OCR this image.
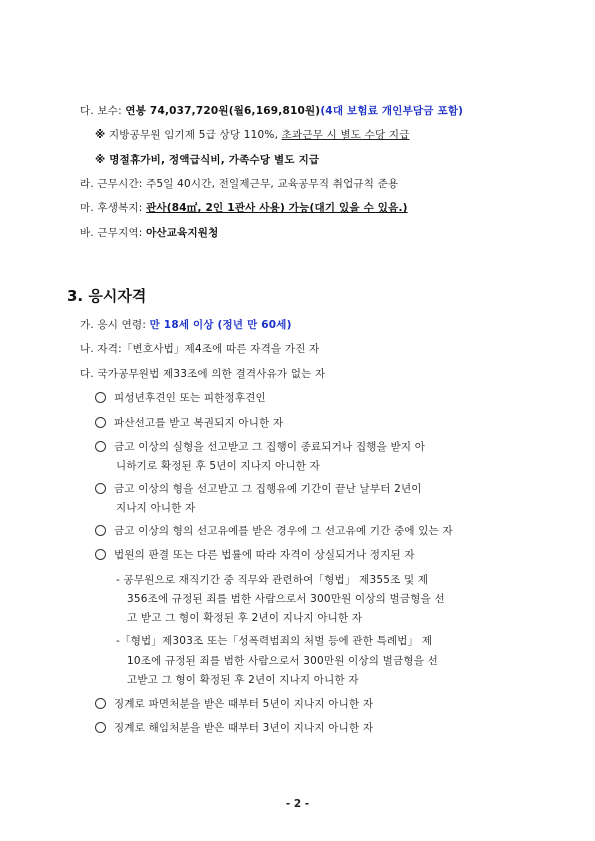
다. 보수: 연봉 74,037,720원(월6,169,810원)(4대 보험료 개인부담금 포함)
※ 지방공무원 임기제 5급 상당 110%, 초과근무 시 별도 수당 지급
※ 명절휴가비, 정액급식비, 가족수당 별도 지급
라. 근무시간: 주5일 40시간, 전일제근무, 교육공무직 취업규칙 준용
마. 후생복지: 관사(84㎡, 2인 1관사 사용) 가능(대기 있을 수 있음.)
바. 근무지역: 아산교육지원청
3. 응시자격
가. 응시 연령: 만 18세 이상 (정년 만 60세)
나. 자격:「변호사법」제4조에 따른 자격을 가진 자
다. 국가공무원법 제33조에 의한 결격사유가 없는 자
피성년후견인 또는 피한정후견인
파산선고를 받고 복권되지 아니한 자
금고 이상의 실형을 선고받고 그 집행이 종료되거나 집행을 받지 아
니하기로 확정된 후 5년이 지나지 아니한 자
금고 이상의 형을 선고받고 그 집행유예 기간이 끝난 날부터 2년이
지나지 아니한 자
금고 이상의 형의 선고유예를 받은 경우에 그 선고유예 기간 중에 있는 자
법원의 판결 또는 다른 법률에 따라 자격이 상실되거나 정지된 자
- 공무원으로 재직기간 중 직무와 관련하여「형법」 제355조 및 제
356조에 규정된 죄를 범한 사람으로서 300만원 이상의 벌금형을 선
고 받고 그 형이 확정된 후 2년이 지나지 아니한 자
-「형법」제303조 또는「성폭력범죄의 처벌 등에 관한 특례법」 제
10조에 규정된 죄를 범한 사람으로서 300만원 이상의 벌금형을 선
고받고 그 형이 확정된 후 2년이 지나지 아니한 자
징계로 파면처분을 받은 때부터 5년이 지나지 아니한 자
징계로 해임처분을 받은 때부터 3년이 지나지 아니한 자
- 2 -
